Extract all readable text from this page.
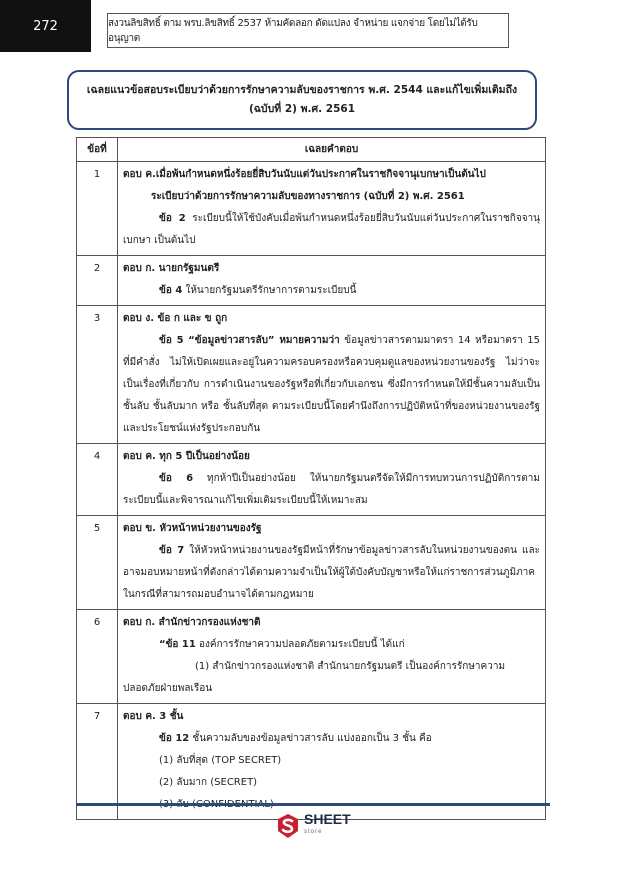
272	สงวนลิขสิทธิ์ ตาม พรบ.ลิขสิทธิ์ 2537 ห้ามคัดลอก ดัดแปลง จำหน่าย แจกจ่าย โดยไม่ได้รับอนุญาต
เฉลยแนวข้อสอบระเบียบว่าด้วยการรักษาความลับของราชการ พ.ศ. 2544 และแก้ไขเพิ่มเติมถึง
(ฉบับที่ 2) พ.ศ. 2561
ข้อที่	เฉลยคำตอบ
1	ตอบ ค.เมื่อพ้นกำหนดหนึ่งร้อยยี่สิบวันนับแต่วันประกาศในราชกิจจานุเบกษาเป็นต้นไป
ระเบียบว่าด้วยการรักษาความลับของทางราชการ (ฉบับที่ 2) พ.ศ. 2561
ข้อ 2 ระเบียบนี้ให้ใช้บังคับเมื่อพ้นกำหนดหนึ่งร้อยยี่สิบวันนับแต่วันประกาศในราชกิจจานุเบกษา เป็นต้นไป

2	ตอบ ก. นายกรัฐมนตรี
ข้อ 4 ให้นายกรัฐมนตรีรักษาการตามระเบียบนี้

3	ตอบ ง. ข้อ ก และ ข ถูก
ข้อ 5 “ข้อมูลข่าวสารลับ” หมายความว่า ข้อมูลข่าวสารตามมาตรา 14 หรือมาตรา 15 ที่มีคำสั่ง ไม่ให้เปิดเผยและอยู่ในความครอบครองหรือควบคุมดูแลของหน่วยงานของรัฐ ไม่ว่าจะเป็นเรื่องที่เกี่ยวกับ การดำเนินงานของรัฐหรือที่เกี่ยวกับเอกชน ซึ่งมีการกำหนดให้มีชั้นความลับเป็น ชั้นลับ ชั้นลับมาก หรือ ชั้นลับที่สุด ตามระเบียบนี้โดยคำนึงถึงการปฏิบัติหน้าที่ของหน่วยงานของรัฐและประโยชน์แห่งรัฐประกอบกัน

4	ตอบ ค. ทุก 5 ปีเป็นอย่างน้อย
ข้อ 6 ทุกห้าปีเป็นอย่างน้อย ให้นายกรัฐมนตรีจัดให้มีการทบทวนการปฏิบัติการตามระเบียบนี้และพิจารณาแก้ไขเพิ่มเติมระเบียบนี้ให้เหมาะสม

5	ตอบ ข. หัวหน้าหน่วยงานของรัฐ
ข้อ 7 ให้หัวหน้าหน่วยงานของรัฐมีหน้าที่รักษาข้อมูลข่าวสารลับในหน่วยงานของตน และอาจมอบหมายหน้าที่ดังกล่าวได้ตามความจำเป็นให้ผู้ใต้บังคับบัญชาหรือให้แก่ราชการส่วนภูมิภาค ในกรณีที่สามารถมอบอำนาจได้ตามกฎหมาย

6	ตอบ ก. สำนักข่าวกรองแห่งชาติ
“ข้อ 11 องค์การรักษาความปลอดภัยตามระเบียบนี้ ได้แก่
(1) สำนักข่าวกรองแห่งชาติ สำนักนายกรัฐมนตรี เป็นองค์การรักษาความปลอดภัยฝ่ายพลเรือน

7	ตอบ ค. 3 ชั้น
ข้อ 12 ชั้นความลับของข้อมูลข่าวสารลับ แบ่งออกเป็น 3 ชั้น คือ
(1) ลับที่สุด (TOP SECRET)
(2) ลับมาก (SECRET)
SHEET
store
